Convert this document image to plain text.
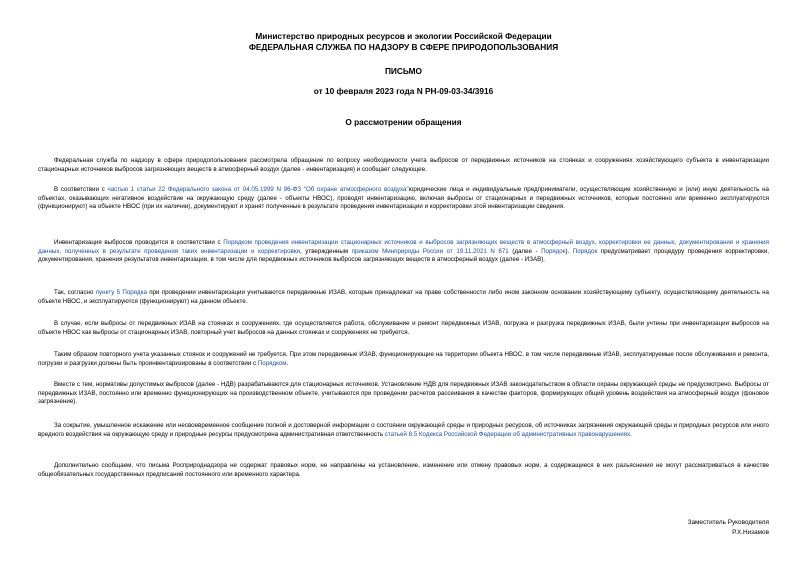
Министерство природных ресурсов и экологии Российской Федерации
ФЕДЕРАЛЬНАЯ СЛУЖБА ПО НАДЗОРУ В СФЕРЕ ПРИРОДОПОЛЬЗОВАНИЯ
ПИСЬМО
от 10 февраля 2023 года N РН-09-03-34/3916
О рассмотрении обращения

Федеральная служба по надзору в сфере природопользования рассмотрела обращение по вопросу необходимости учета выбросов от передвижных источников на стоянках и сооружениях хозяйствующего субъекта в инвентаризации стационарных источников выбросов загрязняющих веществ в атмосферный воздух (далее - инвентаризация) и сообщает следующее.

В соответствии с частью 1 статьи 22 Федерального закона от 04.05.1999 N 96-ФЗ "Об охране атмосферного воздуха"юридические лица и индивидуальные предприниматели, осуществляющие хозяйственную и (или) иную деятельность на объектах, оказывающих негативное воздействие на окружающую среду (далее - объекты НВОС), проводят инвентаризацию, включая выбросы от стационарных и передвижных источников, которые постоянно или временно эксплуатируются (функционируют) на объекте НВОС (при их наличии), документируют и хранят полученные в результате проведения инвентаризации и корректировки этой инвентаризации сведения.

Инвентаризация выбросов проводится в соответствии с Порядком проведения инвентаризации стационарных источников и выбросов загрязняющих веществ в атмосферный воздух, корректировки ее данных, документирования и хранения данных, полученных в результате проведения таких инвентаризации и корректировки, утвержденным приказом Минприроды России от 19.11.2021 N 871 (далее - Порядок). Порядок предусматривает процедуру проведения корректировки, документирования, хранения результатов инвентаризации, в том числе для передвижных источников выбросов загрязняющих веществ в атмосферный воздух (далее - ИЗАВ).

Так, согласно пункту 5 Порядка при проведении инвентаризации учитываются передвижные ИЗАВ, которые принадлежат на праве собственности либо ином законном основании хозяйствующему субъекту, осуществляющему деятельность на объекте НВОС, и эксплуатируются (функционируют) на данном объекте.

В случае, если выбросы от передвижных ИЗАВ на стоянках и сооружениях, где осуществляется работа, обслуживание и ремонт передвижных ИЗАВ, погрузка и разгрузка передвижных ИЗАВ, были учтены при инвентаризации выбросов на объекте НВОС как выбросы от стационарных ИЗАВ, повторный учет выбросов на данных стоянках и сооружениях не требуется.

Таким образом повторного учета указанных стоянок и сооружений не требуется. При этом передвижные ИЗАВ, функционирующие на территории объекта НВОС, в том числе передвижные ИЗАВ, эксплуатируемые после обслуживания и ремонта, погрузки и разгрузки должны быть проинвентаризированы в соответствии с Порядком.

Вместе с тем, нормативы допустимых выбросов (далее - НДВ) разрабатываются для стационарных источников. Установление НДВ для передвижных ИЗАВ законодательством в области охраны окружающей среды не предусмотрено. Выбросы от передвижных ИЗАВ, постоянно или временно функционирующих на производственном объекте, учитываются при проведении расчетов рассеивания в качестве факторов, формирующих общий уровень воздействия на атмосферный воздух (фоновое загрязнение).

За сокрытие, умышленное искажение или несвоевременное сообщение полной и достоверной информации о состоянии окружающей среды и природных ресурсов, об источниках загрязнения окружающей среды и природных ресурсов или иного вредного воздействия на окружающую среду и природные ресурсы предусмотрена административная ответственность статьей 8.5 Кодекса Российской Федерации об административных правонарушениях.

Дополнительно сообщаем, что письма Росприроднадзора не содержат правовых норм, не направлены на установление, изменение или отмену правовых норм, а содержащиеся в них разъяснения не могут рассматриваться в качестве общеобязательных государственных предписаний постоянного или временного характера.

Заместитель Руководителя
Р.Х.Низамов
